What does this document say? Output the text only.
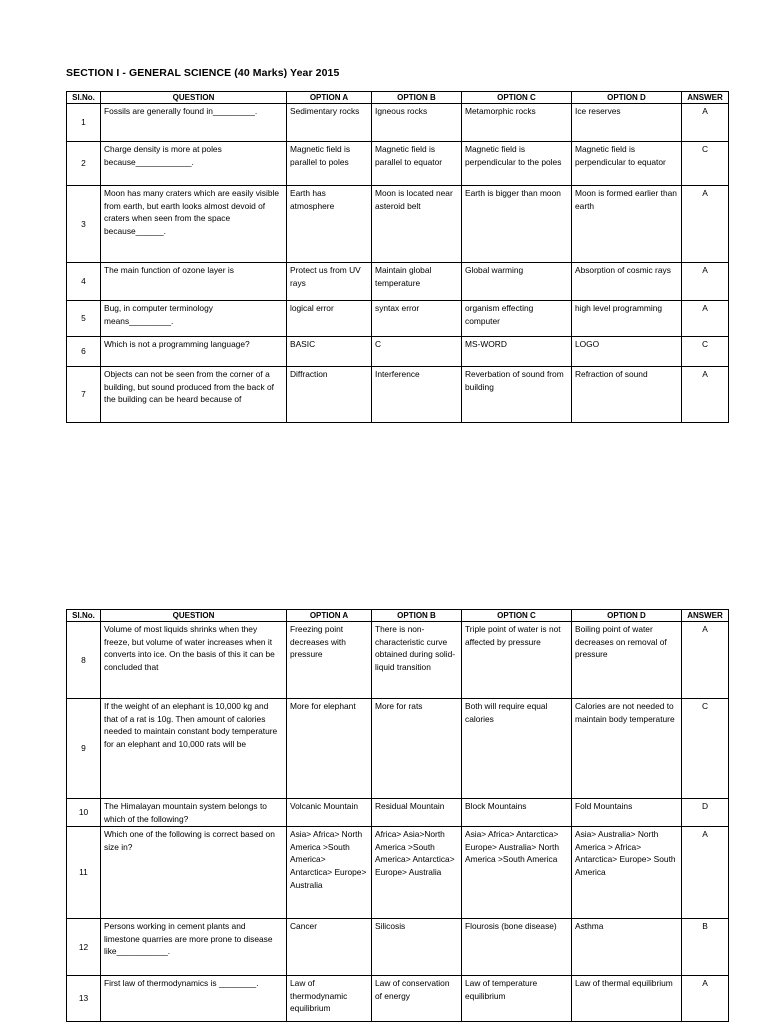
SECTION I - GENERAL SCIENCE (40 Marks) Year 2015
Sl.No.	QUESTION	OPTION A	OPTION B	OPTION C	OPTION D	ANSWER
1	Fossils are generally found in_________.	Sedimentary rocks	Igneous rocks	Metamorphic rocks	Ice reserves	A
2	Charge density is more at poles because____________.	Magnetic field is parallel to poles	Magnetic field is parallel to equator	Magnetic field is perpendicular to the poles	Magnetic field is perpendicular to equator	C
3	Moon has many craters which are easily visible from earth, but earth looks almost devoid of craters when seen from the space because______.	Earth has atmosphere	Moon is located near asteroid belt	Earth is bigger than moon	Moon is formed earlier than earth	A
4	The main function of ozone layer is	Protect us from UV rays	Maintain global temperature	Global warming	Absorption of cosmic rays	A
5	Bug, in computer terminology means_________.	logical error	syntax error	organism effecting computer	high level programming	A
6	Which is not a programming language?	BASIC	C	MS-WORD	LOGO	C
7	Objects can not be seen from the corner of a building, but sound produced from the back of the building can be heard because of	Diffraction	Interference	Reverbation of sound from building	Refraction of sound	A
Sl.No.	QUESTION	OPTION A	OPTION B	OPTION C	OPTION D	ANSWER
8	Volume of most liquids shrinks when they freeze, but volume of water increases when it converts into ice. On the basis of this it can be concluded that	Freezing point decreases with pressure	There is non-characteristic curve obtained during solid-liquid transition	Triple point of water is not affected by pressure	Boiling point of water decreases on removal of pressure	A
9	If the weight of an elephant is 10,000 kg and that of a rat is 10g. Then amount of calories needed to maintain constant body temperature for an elephant and 10,000 rats will be	More for elephant	More for rats	Both will require equal calories	Calories are not needed to maintain body temperature	C
10	The Himalayan mountain system belongs to which of the following?	Volcanic Mountain	Residual Mountain	Block Mountains	Fold Mountains	D
11	Which one of the following is correct based on size in?	Asia> Africa> North America >South America> Antarctica> Europe> Australia	Africa> Asia>North America >South America> Antarctica> Europe> Australia	Asia> Africa> Antarctica> Europe> Australia> North America >South America	Asia> Australia> North America > Africa> Antarctica> Europe> South America	A
12	Persons working in cement plants and limestone quarries are more prone to disease like___________.	Cancer	Silicosis	Flourosis (bone disease)	Asthma	B
13	First law of thermodynamics is ________.	Law of thermodynamic equilibrium	Law of conservation of energy	Law of temperature equilibrium	Law of thermal equilibrium	A
